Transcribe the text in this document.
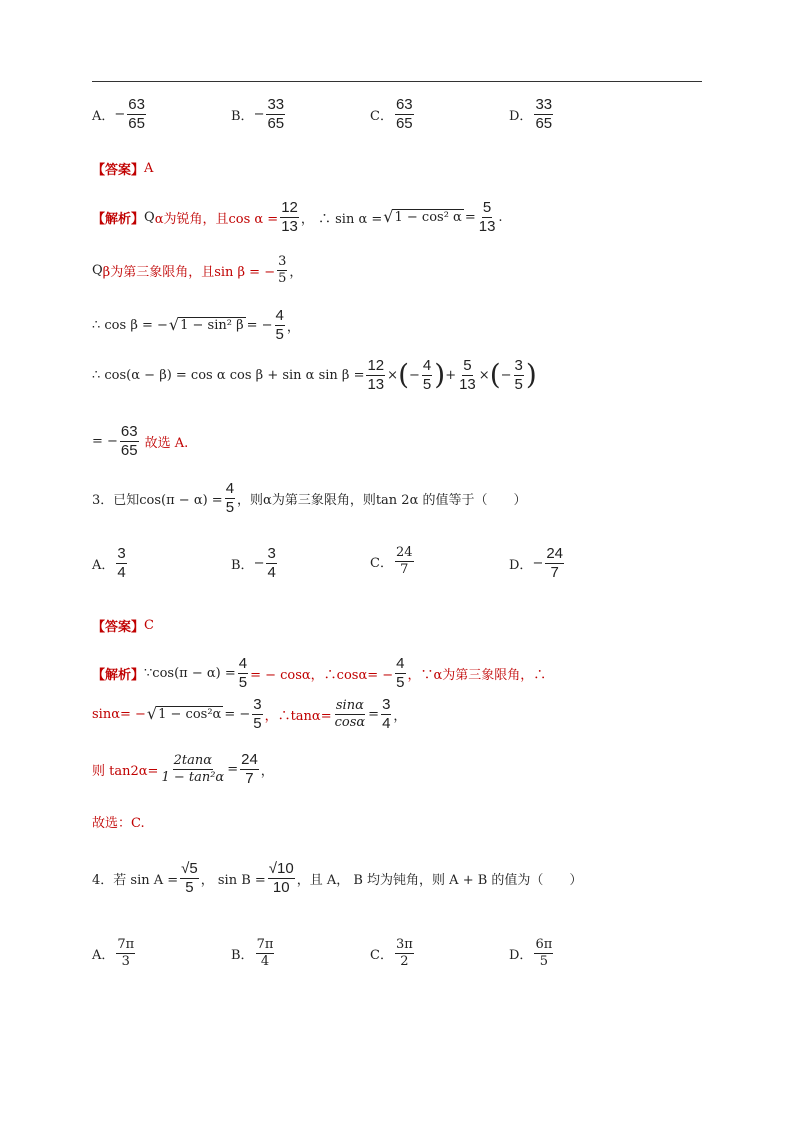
A． − $\frac{63}{65}$	B． − $\frac{33}{65}$	C． $\frac{63}{65}$	D． $\frac{33}{65}$
【答案】 A
【解析】 Q α为锐角，且$\cos \alpha = \frac{12}{13}$ ， ∴ sin α = √ 1 − cos² $\alpha = \frac{5}{13}$ .
Q β为第三象限角，且sin β = − $\frac{3}{5}$ ，
∴ cos β = − √ 1 − sin² β = − $\frac{4}{5}$ ，
∴ cos(α − β) = cos α cos β + sin α $\sin \beta = \frac{12}{13}$ × ( − $\frac{4}{5}$ ) + $\frac{5}{13}$ × ( − $\frac{3}{5}$ )
= − $\frac{63}{65}$ 故选 A.
3．已知$\cos(\pi - \alpha) = \frac{4}{5}$ ，则α为第三象限角，则tan 2α 的值等于（　　）
A． $\frac{3}{4}$	B． − $\frac{3}{4}$	C． $\frac{24}{7}$	D． − $\frac{24}{7}$
【答案】 C
【解析】 ∵cos(π − $\alpha) = \frac{4}{5}$ = − cosα，∴cosα= − $\frac{4}{5}$ ，∵α为第三象限角，∴
sinα= − √ 1 − cos²α = − $\frac{3}{5}$ ，∴tanα= $\frac{\sin\alpha}{\cos\alpha} = \frac{3}{4}$ ，
则 $\tan 2\alpha= \frac{2\tan\alpha}{\text{1 − tan²α}} = \frac{24}{7}$ ，
故选：C.
4．若 $\sin A = \frac{√5}{5}$ ， $\sin B = \frac{√10}{10}$ ，且 A， B 均为钝角，则 A + B 的值为（　　）
A． $\frac{7\pi}{3}$	B． $\frac{7\pi}{4}$	C． $\frac{3\pi}{2}$	D． $\frac{6\pi}{5}$
